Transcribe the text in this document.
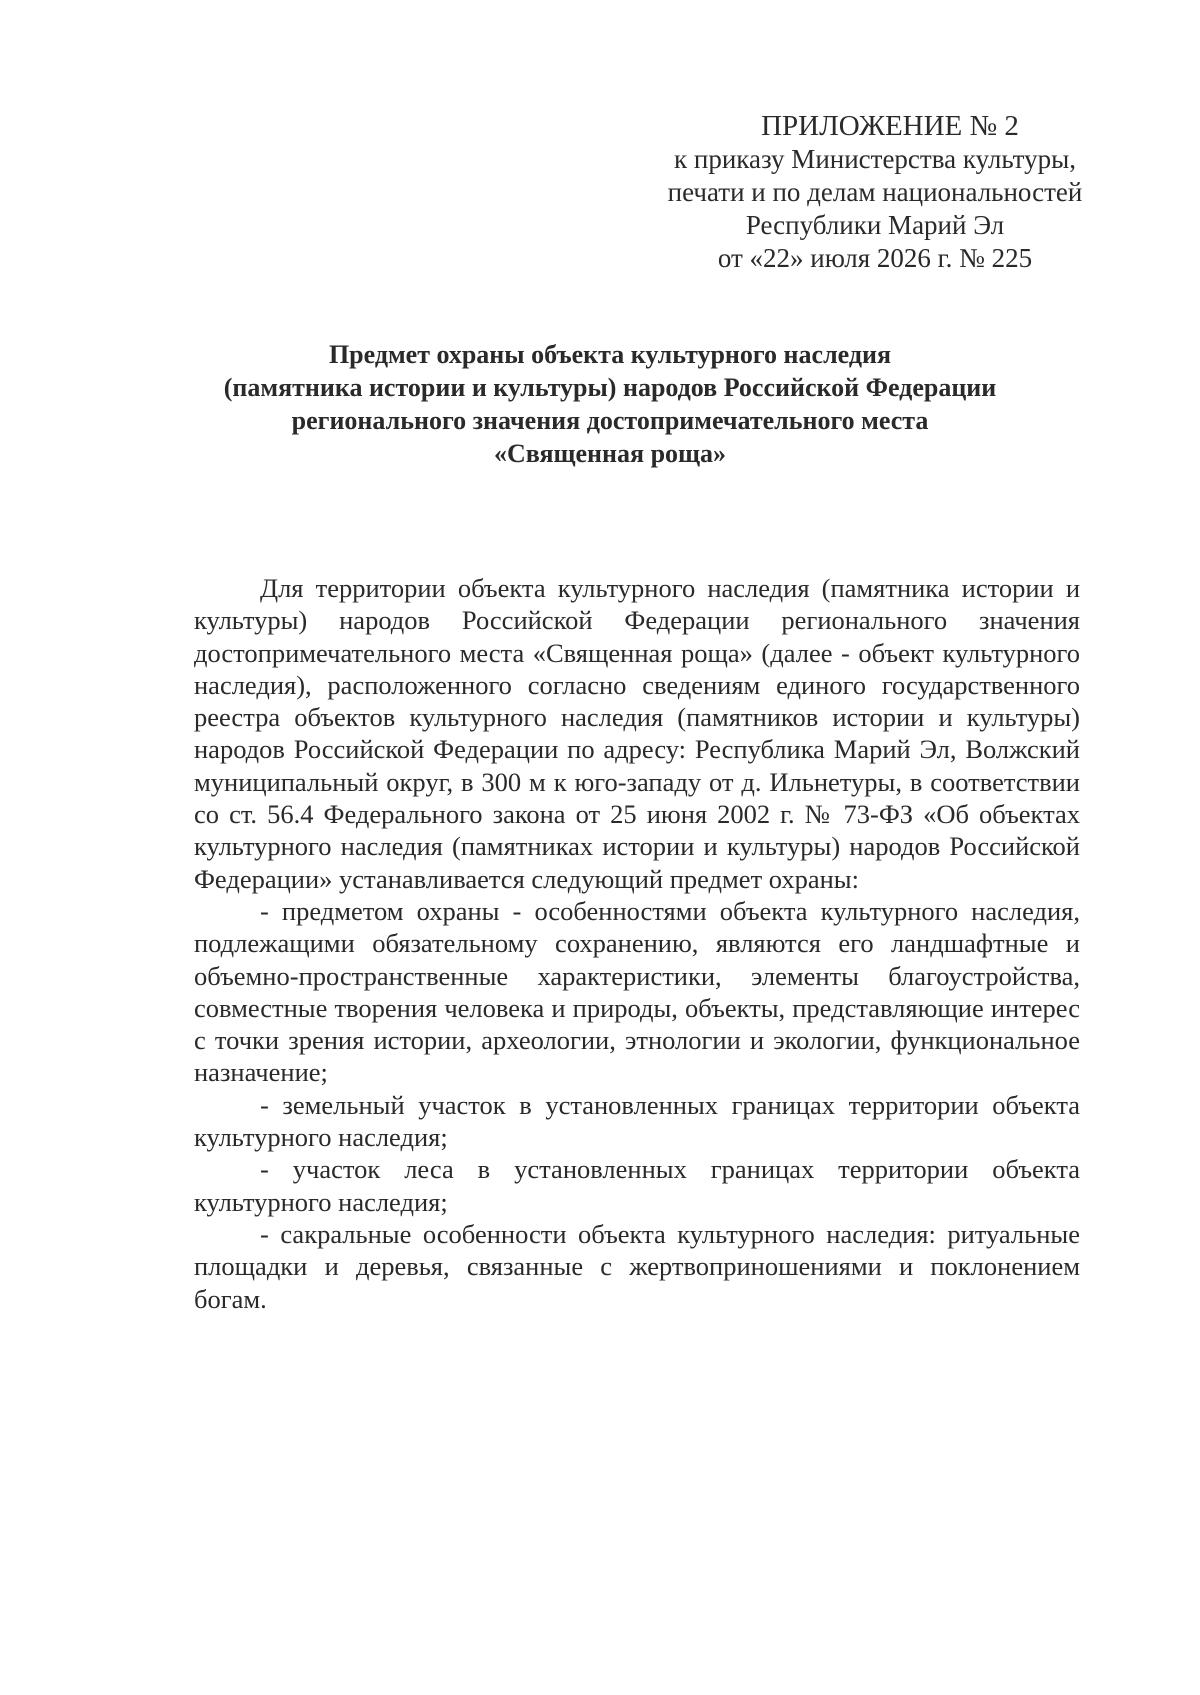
ПРИЛОЖЕНИЕ № 2
к приказу Министерства культуры,
печати и по делам национальностей
Республики Марий Эл
от «22» июля 2026 г. № 225
Предмет охраны объекта культурного наследия
(памятника истории и культуры) народов Российской Федерации
регионального значения достопримечательного места
«Священная роща»

Для территории объекта культурного наследия (памятника истории и культуры) народов Российской Федерации регионального значения достопримечательного места «Священная роща» (далее - объект культурного наследия), расположенного согласно сведениям единого государственного реестра объектов культурного наследия (памятников истории и культуры) народов Российской Федерации по адресу: Республика Марий Эл, Волжский муниципальный округ, в 300 м к юго-западу от д. Ильнетуры, в соответствии со ст. 56.4 Федерального закона от 25 июня 2002 г. № 73-ФЗ «Об объектах культурного наследия (памятниках истории и культуры) народов Российской Федерации» устанавливается следующий предмет охраны:

- предметом охраны - особенностями объекта культурного наследия, подлежащими обязательному сохранению, являются его ландшафтные и объемно-пространственные характеристики, элементы благоустройства, совместные творения человека и природы, объекты, представляющие интерес с точки зрения истории, археологии, этнологии и экологии, функциональное назначение;

- земельный участок в установленных границах территории объекта культурного наследия;

- участок леса в установленных границах территории объекта культурного наследия;

- сакральные особенности объекта культурного наследия: ритуальные площадки и деревья, связанные с жертвоприношениями и поклонением богам.
